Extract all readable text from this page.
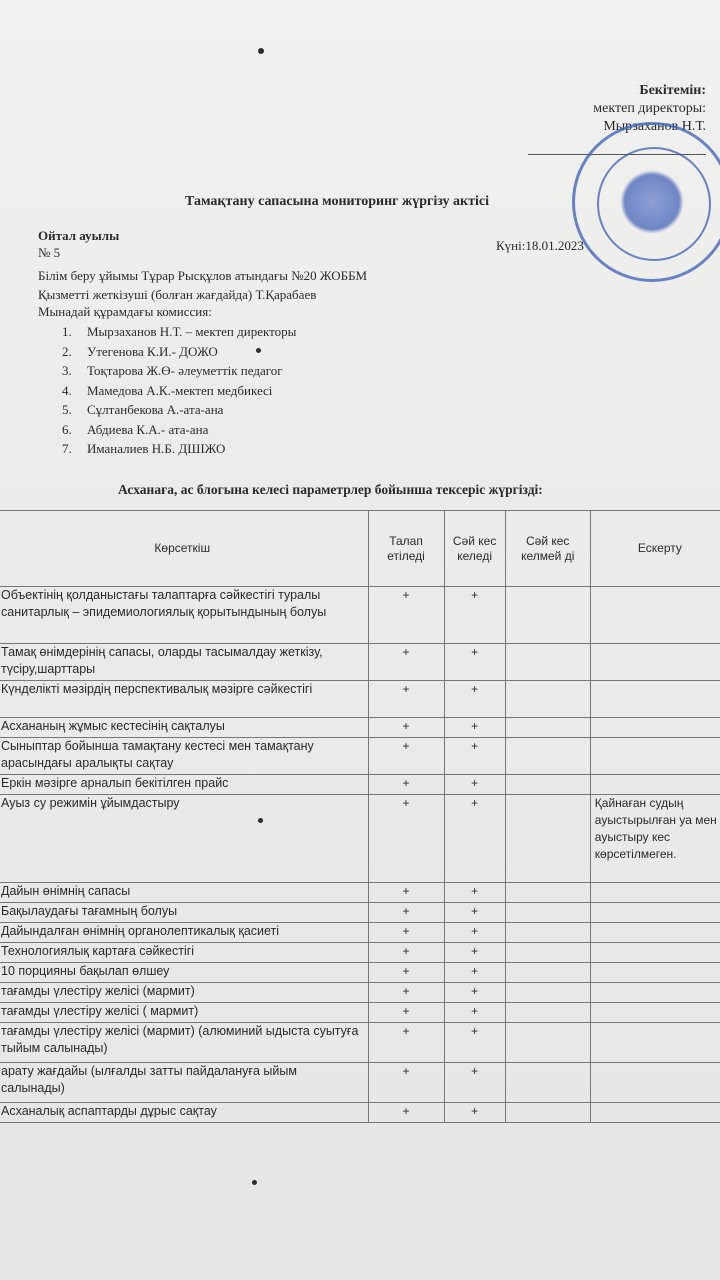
Бекітемін:
мектеп директоры:
Мырзаханов Н.Т.
Тамақтану сапасына мониторинг жүргізу актісі
Ойтал ауылы
№ 5	Күні:18.01.2023
Білім беру ұйымы Тұрар Рысқұлов атындағы №20 ЖОББМ
Қызметті жеткізуші (болған жағдайда) Т.Қарабаев
Мынадай құрамдағы комиссия:
1. Мырзаханов Н.Т. – мектеп директоры
2. Утегенова К.И.- ДОЖО
3. Тоқтарова Ж.Ө- әлеуметтік педагог
4. Мамедова А.К.-мектеп медбикесі
5. Сұлтанбекова А.-ата-ана
6. Абдиева К.А.- ата-ана
7. Иманалиев Н.Б. ДШІЖО
Асханаға, ас блогына келесі параметрлер бойынша тексеріс жүргізді:
Көрсеткіш	Талап етіледі	Сәй кес келеді	Сәй кес келмей ді	Ескерту
Объектінің қолданыстағы талаптарға сәйкестігі туралы санитарлық – эпидемиологиялық қорытындының болуы	+	+		
Тамақ өнімдерінің сапасы, оларды тасымалдау жеткізу, түсіру,шарттары	+	+		
Күнделікті мәзірдің перспективалық мәзірге сәйкестігі	+	+		
Асхананың жұмыс кестесінің сақталуы	+	+		
Сыныптар бойынша тамақтану кестесі мен тамақтану арасындағы аралықты сақтау	+	+		
Еркін мәзірге арналып бекітілген прайс	+	+		
Ауыз су режимін ұйымдастыру	+	+		Қайнаған судың ауыстырылған уа мен ауыстыру кес көрсетілмеген.
Дайын өнімнің сапасы	+	+		
Бақылаудағы тағамның болуы	+	+		
Дайындалған өнімнің органолептикалық қасиеті	+	+		
Технологиялық картаға сәйкестігі	+	+		
10 порцияны бақылап өлшеу	+	+		
тағамды үлестіру желісі (мармит)	+	+		
тағамды үлестіру желісі ( мармит)	+	+		
тағамды үлестіру желісі (мармит) (алюминий ыдыста суытуға тыйым салынады)	+	+		
арату жағдайы (ылғалды затты пайдалануға ыйым салынады)	+	+		
Асханалық аспаптарды дұрыс сақтау	+	+		
